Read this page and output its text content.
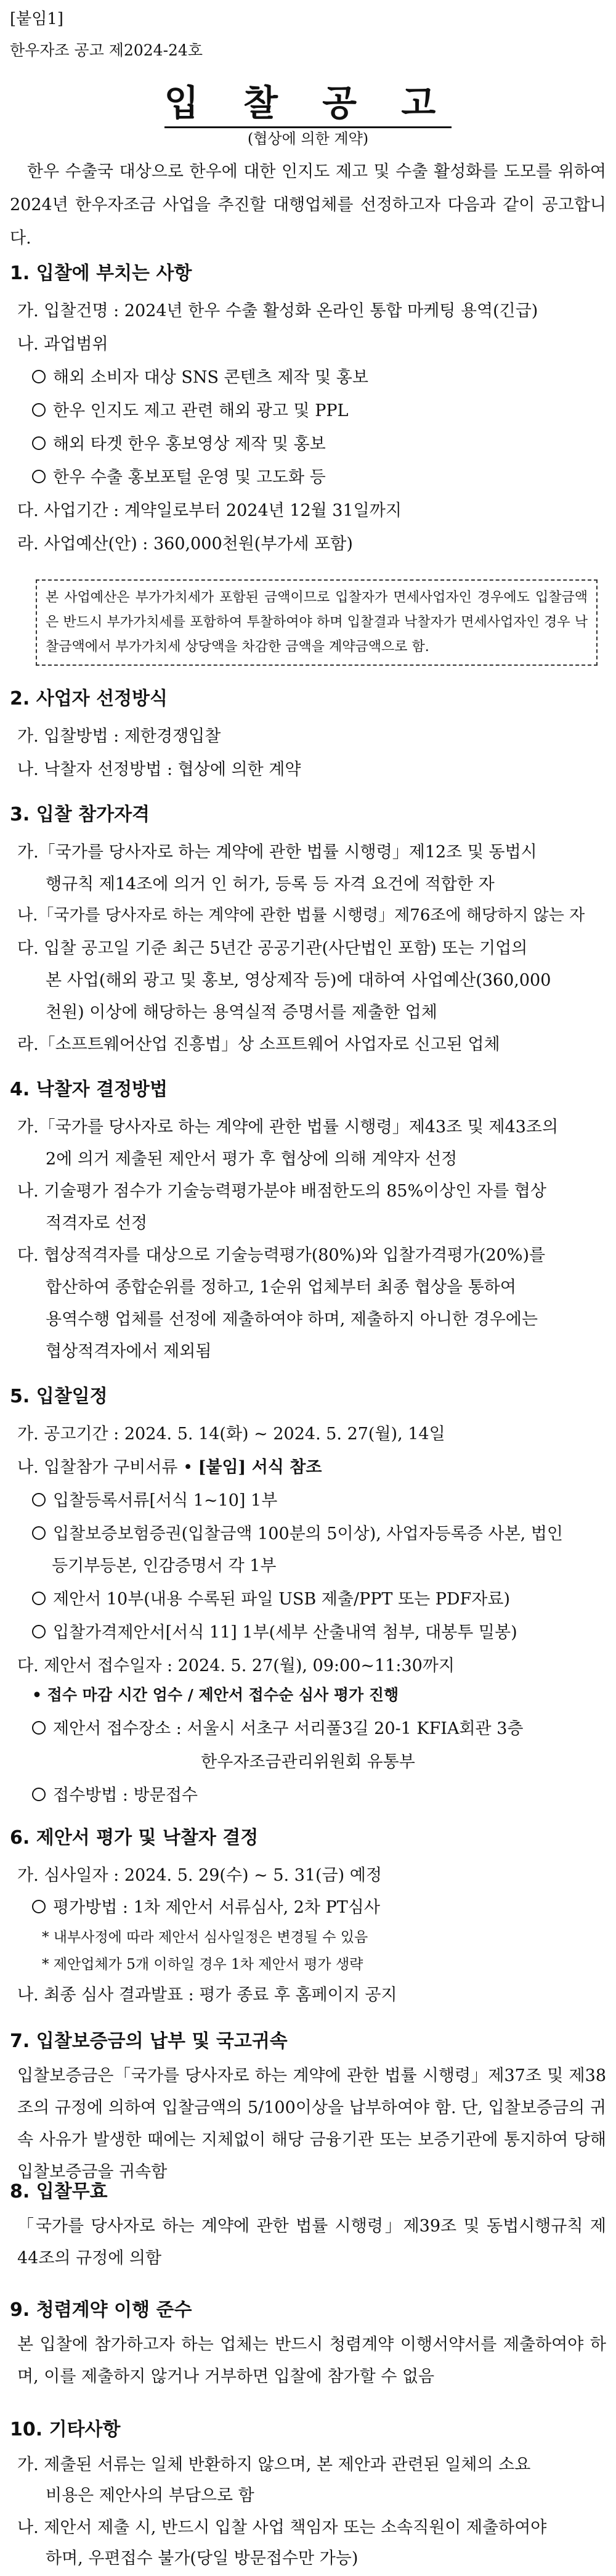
[붙임1]
한우자조 공고 제2024-24호
입 찰 공 고
(협상에 의한 계약)
한우 수출국 대상으로 한우에 대한 인지도 제고 및 수출 활성화를 도모를 위하여 2024년 한우자조금 사업을 추진할 대행업체를 선정하고자 다음과 같이 공고합니다.
1. 입찰에 부치는 사항
가. 입찰건명 : 2024년 한우 수출 활성화 온라인 통합 마케팅 용역(긴급)
나. 과업범위
해외 소비자 대상 SNS 콘텐츠 제작 및 홍보
한우 인지도 제고 관련 해외 광고 및 PPL
해외 타겟 한우 홍보영상 제작 및 홍보
한우 수출 홍보포털 운영 및 고도화 등
다. 사업기간 : 계약일로부터 2024년 12월 31일까지
라. 사업예산(안) : 360,000천원(부가세 포함)
본 사업예산은 부가가치세가 포함된 금액이므로 입찰자가 면세사업자인 경우에도 입찰금액은 반드시 부가가치세를 포함하여 투찰하여야 하며 입찰결과 낙찰자가 면세사업자인 경우 낙찰금액에서 부가가치세 상당액을 차감한 금액을 계약금액으로 함.
2. 사업자 선정방식
가. 입찰방법 : 제한경쟁입찰
나. 낙찰자 선정방법 : 협상에 의한 계약
3. 입찰 참가자격
가.「국가를 당사자로 하는 계약에 관한 법률 시행령」제12조 및 동법시
행규칙 제14조에 의거 인 허가, 등록 등 자격 요건에 적합한 자
나.「국가를 당사자로 하는 계약에 관한 법률 시행령」제76조에 해당하지 않는 자
다. 입찰 공고일 기준 최근 5년간 공공기관(사단법인 포함) 또는 기업의
본 사업(해외 광고 및 홍보, 영상제작 등)에 대하여 사업예산(360,000
천원) 이상에 해당하는 용역실적 증명서를 제출한 업체
라.「소프트웨어산업 진흥법」상 소프트웨어 사업자로 신고된 업체
4. 낙찰자 결정방법
가.「국가를 당사자로 하는 계약에 관한 법률 시행령」제43조 및 제43조의
2에 의거 제출된 제안서 평가 후 협상에 의해 계약자 선정
나. 기술평가 점수가 기술능력평가분야 배점한도의 85%이상인 자를 협상
적격자로 선정
다. 협상적격자를 대상으로 기술능력평가(80%)와 입찰가격평가(20%)를
합산하여 종합순위를 정하고, 1순위 업체부터 최종 협상을 통하여
용역수행 업체를 선정에 제출하여야 하며, 제출하지 아니한 경우에는
협상적격자에서 제외됨
5. 입찰일정
가. 공고기간 : 2024. 5. 14(화) ~ 2024. 5. 27(월), 14일
나. 입찰참가 구비서류 • [붙임] 서식 참조
입찰등록서류[서식 1~10] 1부
입찰보증보험증권(입찰금액 100분의 5이상), 사업자등록증 사본, 법인
등기부등본, 인감증명서 각 1부
제안서 10부(내용 수록된 파일 USB 제출/PPT 또는 PDF자료)
입찰가격제안서[서식 11] 1부(세부 산출내역 첨부, 대봉투 밀봉)
다. 제안서 접수일자 : 2024. 5. 27(월), 09:00~11:30까지
• 접수 마감 시간 엄수 / 제안서 접수순 심사 평가 진행
제안서 접수장소 : 서울시 서초구 서리풀3길 20-1 KFIA회관 3층
한우자조금관리위원회 유통부
접수방법 : 방문접수
6. 제안서 평가 및 낙찰자 결정
가. 심사일자 : 2024. 5. 29(수) ~ 5. 31(금) 예정
평가방법 : 1차 제안서 서류심사, 2차 PT심사
* 내부사정에 따라 제안서 심사일정은 변경될 수 있음
* 제안업체가 5개 이하일 경우 1차 제안서 평가 생략
나. 최종 심사 결과발표 : 평가 종료 후 홈페이지 공지
7. 입찰보증금의 납부 및 국고귀속
입찰보증금은「국가를 당사자로 하는 계약에 관한 법률 시행령」제37조 및 제38조의 규정에 의하여 입찰금액의 5/100이상을 납부하여야 함. 단, 입찰보증금의 귀속 사유가 발생한 때에는 지체없이 해당 금융기관 또는 보증기관에 통지하여 당해 입찰보증금을 귀속함
8. 입찰무효
「국가를 당사자로 하는 계약에 관한 법률 시행령」제39조 및 동법시행규칙 제44조의 규정에 의함
9. 청렴계약 이행 준수
본 입찰에 참가하고자 하는 업체는 반드시 청렴계약 이행서약서를 제출하여야 하며, 이를 제출하지 않거나 거부하면 입찰에 참가할 수 없음
10. 기타사항
가. 제출된 서류는 일체 반환하지 않으며, 본 제안과 관련된 일체의 소요
비용은 제안사의 부담으로 함
나. 제안서 제출 시, 반드시 입찰 사업 책임자 또는 소속직원이 제출하여야
하며, 우편접수 불가(당일 방문접수만 가능)
